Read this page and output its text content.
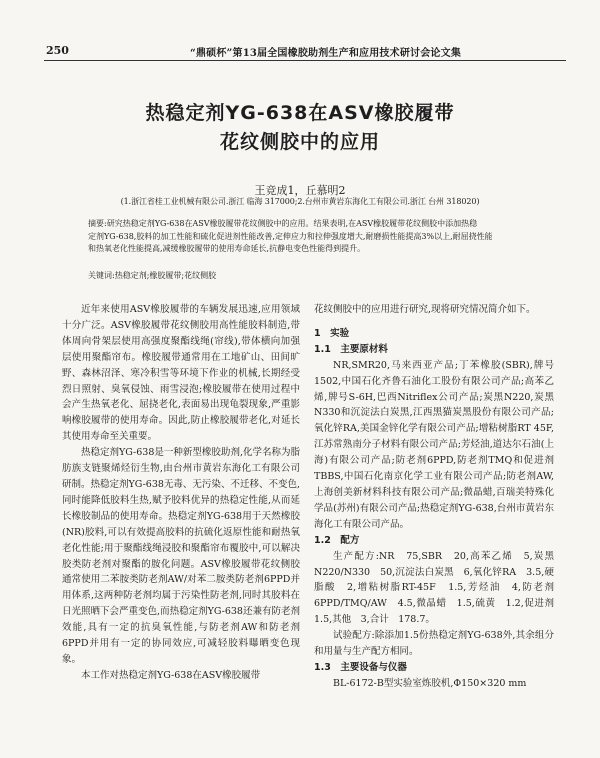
250	“鼎硕杯”第13届全国橡胶助剂生产和应用技术研讨会论文集
热稳定剂YG-638在ASV橡胶履带
花纹侧胶中的应用
王竞成1，丘慕明2
(1.浙江省桂工业机械有限公司.浙江 临海 317000;2.台州市黄岩东海化工有限公司.浙江 台州 318020)

摘要:研究热稳定剂YG-638在ASV橡胶履带花纹侧胶中的应用。结果表明,在ASV橡胶履带花纹侧胶中添加热稳

定剂YG-638,胶料的加工性能和硫化促进剂性能改善,定伸应力和拉伸强度增大,耐磨损性能提高3%以上,耐屈挠性能

和热氧老化性能提高,减缓橡胶履带的使用寿命延长,抗静电变色性能得到提升。

关键词:热稳定剂;橡胶履带;花纹侧胶

近年来使用ASV橡胶履带的车辆发展迅速,应用领域十分广泛。ASV橡胶履带花纹侧胶用高性能胶料制造,带体周向骨架层使用高强度聚酯线绳(帘线),带体横向加强层使用聚酯帘布。橡胶履带通常用在工地矿山、田间旷野、森林沼泽、寒冷积雪等环境下作业的机械,长期经受烈日照射、臭氧侵蚀、雨雪浸泡;橡胶履带在使用过程中会产生热氧老化、屈挠老化,表面易出现龟裂现象,严重影响橡胶履带的使用寿命。因此,防止橡胶履带老化,对延长其使用寿命至关重要。

热稳定剂YG-638是一种新型橡胶助剂,化学名称为脂肪族支链聚烯烃衍生物,由台州市黄岩东海化工有限公司研制。热稳定剂YG-638无毒、无污染、不迁移、不变色,同时能降低胶料生热,赋予胶料优异的热稳定性能,从而延长橡胶制品的使用寿命。热稳定剂YG-638用于天然橡胶(NR)胶料,可以有效提高胶料的抗硫化返原性能和耐热氧老化性能;用于聚酯线绳浸胶和聚酯帘布覆胶中,可以解决胶类防老剂对聚酯的胺化问题。ASV橡胶履带花纹侧胶通常使用二苯胺类防老剂AW/对苯二胺类防老剂6PPD并用体系,这两种防老剂均属于污染性防老剂,同时其胶料在日光照晒下会严重变色,而热稳定剂YG-638还兼有防老剂效能,具有一定的抗臭氧性能,与防老剂AW和防老剂6PPD并用有一定的协同效应,可减轻胶料曝晒变色现象。

本工作对热稳定剂YG-638在ASV橡胶履带

花纹侧胶中的应用进行研究,现将研究情况简介如下。

1　实验
1.1　主要原材料

NR,SMR20,马来西亚产品;丁苯橡胶(SBR),牌号1502,中国石化齐鲁石油化工股份有限公司产品;高苯乙烯,牌号S-6H,巴西Nitriflex公司产品;炭黑N220,炭黑N330和沉淀法白炭黑,江西黑猫炭黑股份有限公司产品;氧化锌RA,美国金锌化学有限公司产品;增粘树脂RT 45F,江苏常熟南分子材料有限公司产品;芳烃油,道达尔石油(上海)有限公司产品;防老剂6PPD,防老剂TMQ和促进剂TBBS,中国石化南京化学工业有限公司产品;防老剂AW,上海创美新材料科技有限公司产品;微晶蜡,百瑞美特殊化学品(苏州)有限公司产品;热稳定剂YG-638,台州市黄岩东海化工有限公司产品。

1.2　配方

生产配方:NR　75,SBR　20,高苯乙烯　5,炭黑N220/N330　50,沉淀法白炭黑　6,氧化锌RA　3.5,硬脂酸　2,增粘树脂RT-45F　1.5,芳烃油　4,防老剂6PPD/TMQ/AW　4.5,微晶蜡　1.5,硫黄　1.2,促进剂　1.5,其他　3,合计　178.7。

试验配方:除添加1.5份热稳定剂YG-638外,其余组分和用量与生产配方相同。

1.3　主要设备与仪器

BL-6172-B型实验室炼胶机,Φ150×320 mm
